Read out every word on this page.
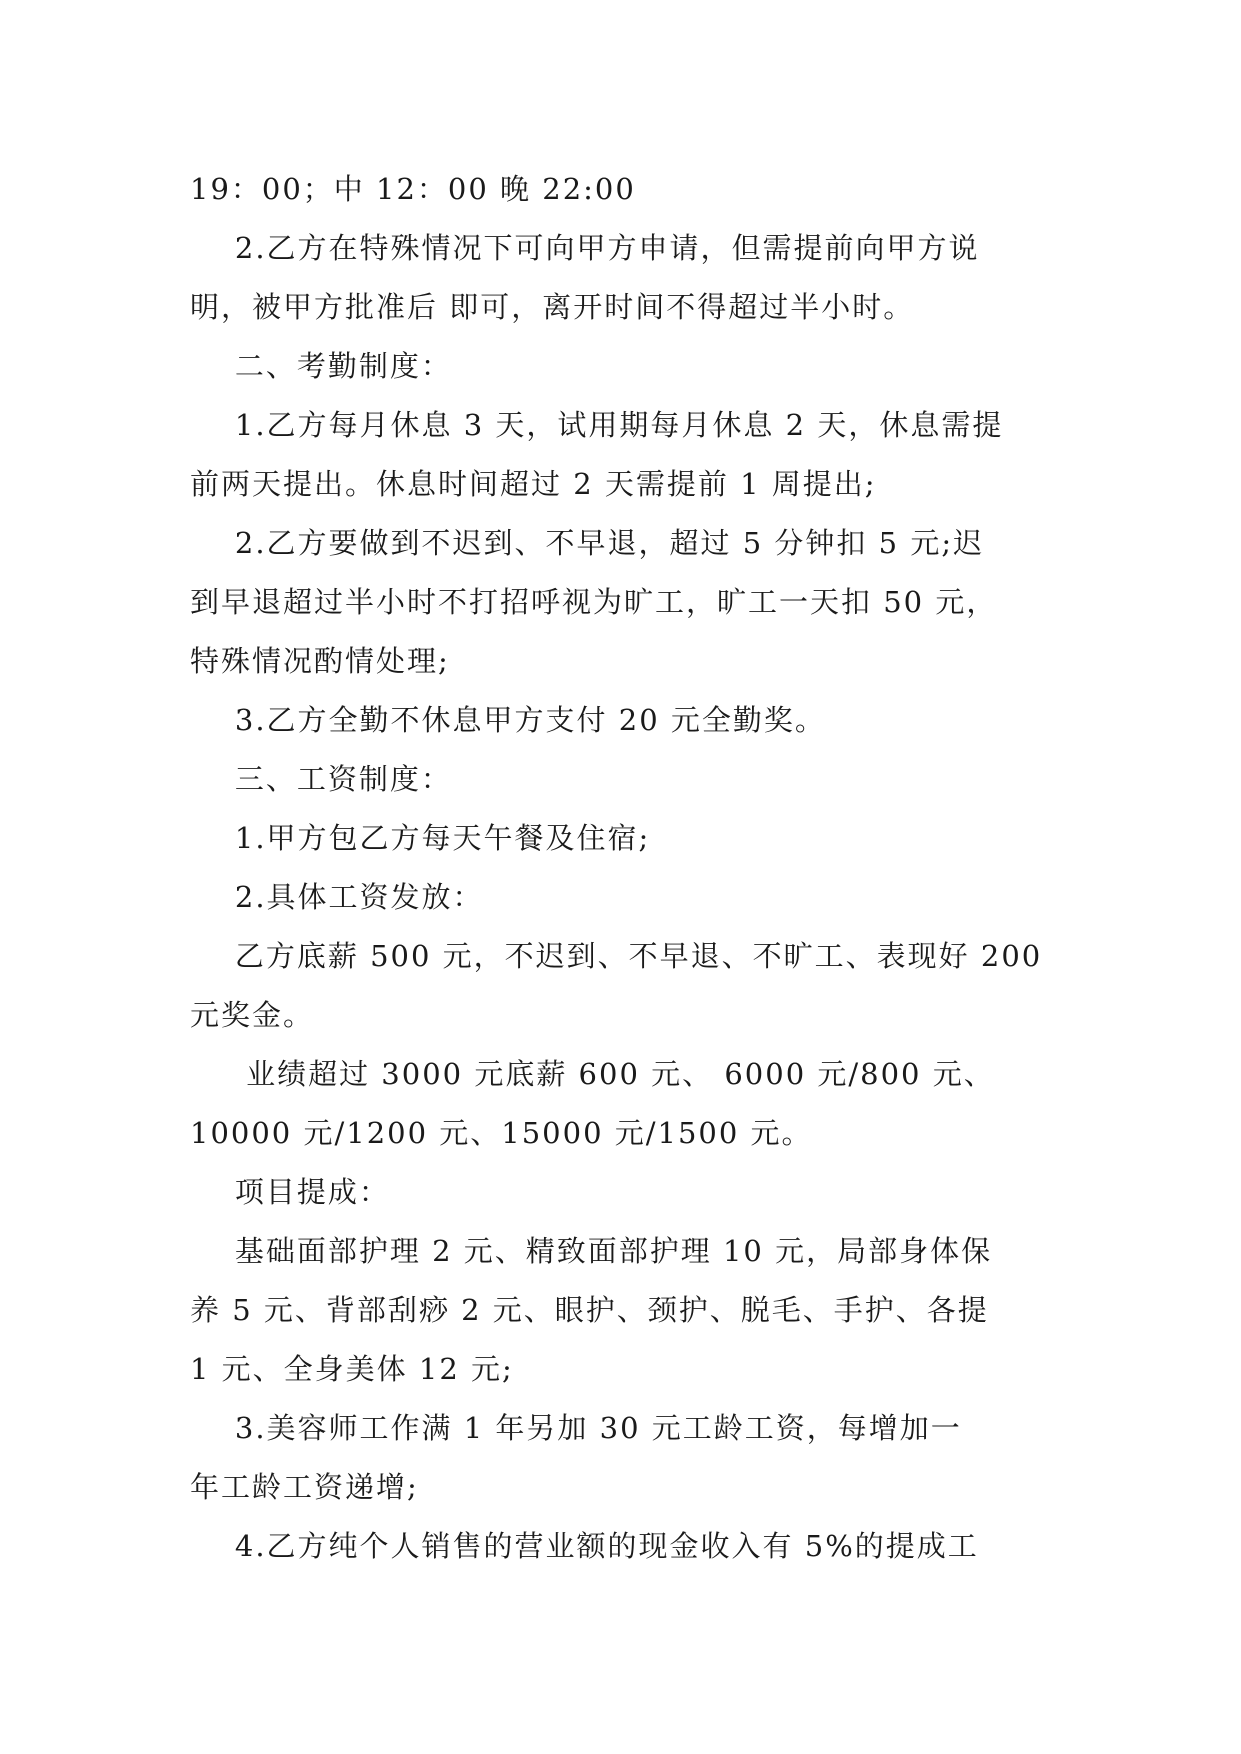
19：00；中 12：00 晚 22:00
2.乙方在特殊情况下可向甲方申请，但需提前向甲方说
明，被甲方批准后 即可，离开时间不得超过半小时。
二、考勤制度：
1.乙方每月休息 3 天，试用期每月休息 2 天，休息需提
前两天提出。休息时间超过 2 天需提前 1 周提出;
2.乙方要做到不迟到、不早退，超过 5 分钟扣 5 元;迟
到早退超过半小时不打招呼视为旷工，旷工一天扣 50 元，
特殊情况酌情处理;
3.乙方全勤不休息甲方支付 20 元全勤奖。
三、工资制度：
1.甲方包乙方每天午餐及住宿;
2.具体工资发放：
乙方底薪 500 元，不迟到、不早退、不旷工、表现好 200
元奖金。
业绩超过 3000 元底薪 600 元、 6000 元/800 元、
10000 元/1200 元、15000 元/1500 元。
项目提成：
基础面部护理 2 元、精致面部护理 10 元，局部身体保
养 5 元、背部刮痧 2 元、眼护、颈护、脱毛、手护、各提
1 元、全身美体 12 元;
3.美容师工作满 1 年另加 30 元工龄工资，每增加一
年工龄工资递增;
4.乙方纯个人销售的营业额的现金收入有 5%的提成工
